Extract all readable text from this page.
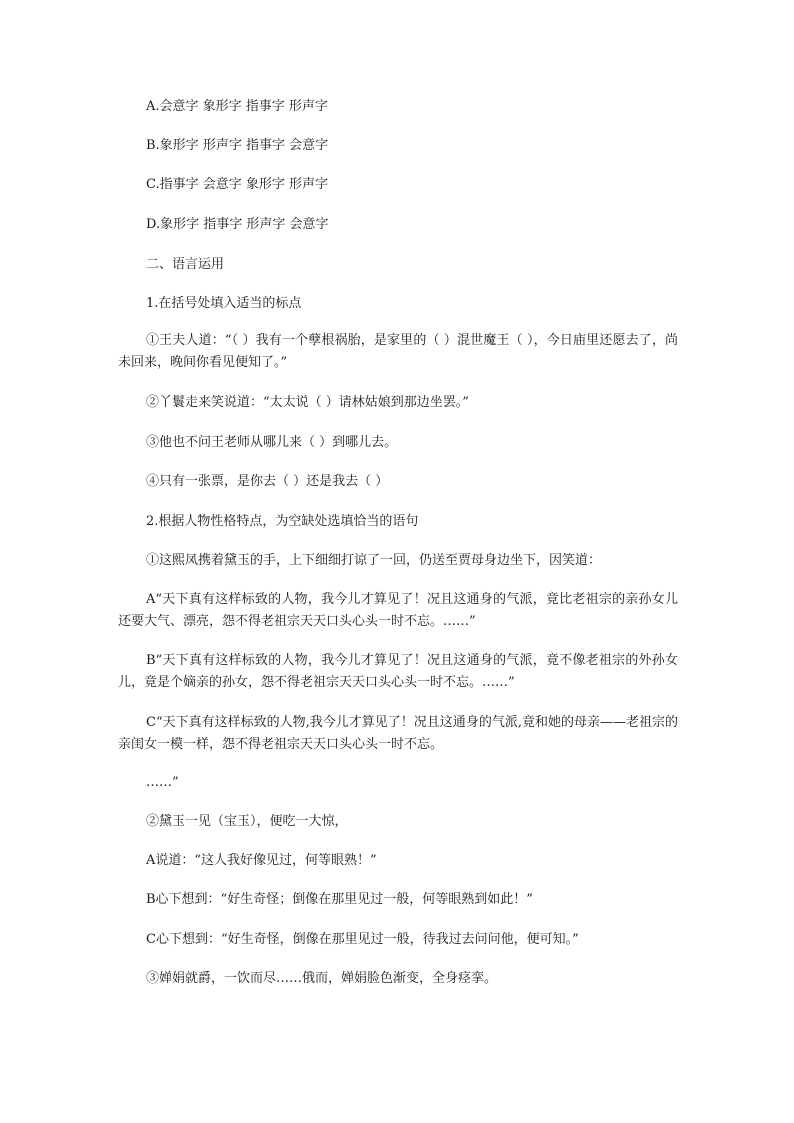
A.会意字 象形字 指事字 形声字
B.象形字 形声字 指事字 会意字
C.指事字 会意字 象形字 形声字
D.象形字 指事字 形声字 会意字
二、语言运用
1.在括号处填入适当的标点
①王夫人道：“（ ）我有一个孽根祸胎，是家里的（ ）混世魔王（ ），今日庙里还愿去了，尚未回来，晚间你看见便知了。”
②丫鬟走来笑说道：“太太说（ ）请林姑娘到那边坐罢。”
③他也不问王老师从哪儿来（ ）到哪儿去。
④只有一张票，是你去（ ）还是我去（ ）
2.根据人物性格特点，为空缺处选填恰当的语句
①这熙凤携着黛玉的手，上下细细打谅了一回，仍送至贾母身边坐下，因笑道：
A“天下真有这样标致的人物，我今儿才算见了！况且这通身的气派，竟比老祖宗的亲孙女儿还要大气、漂亮，怨不得老祖宗天天口头心头一时不忘。……”
B“天下真有这样标致的人物，我今儿才算见了！况且这通身的气派，竟不像老祖宗的外孙女儿，竟是个嫡亲的孙女，怨不得老祖宗天天口头心头一时不忘。……”
C“天下真有这样标致的人物,我今儿才算见了！况且这通身的气派,竟和她的母亲——老祖宗的亲闺女一模一样，怨不得老祖宗天天口头心头一时不忘。
……”
②黛玉一见（宝玉），便吃一大惊，
A说道：“这人我好像见过，何等眼熟！”
B心下想到：“好生奇怪；倒像在那里见过一般，何等眼熟到如此！”
C心下想到：“好生奇怪，倒像在那里见过一般，待我过去问问他，便可知。”
③婵娟就爵，一饮而尽……俄而，婵娟脸色渐变，全身痉挛。
